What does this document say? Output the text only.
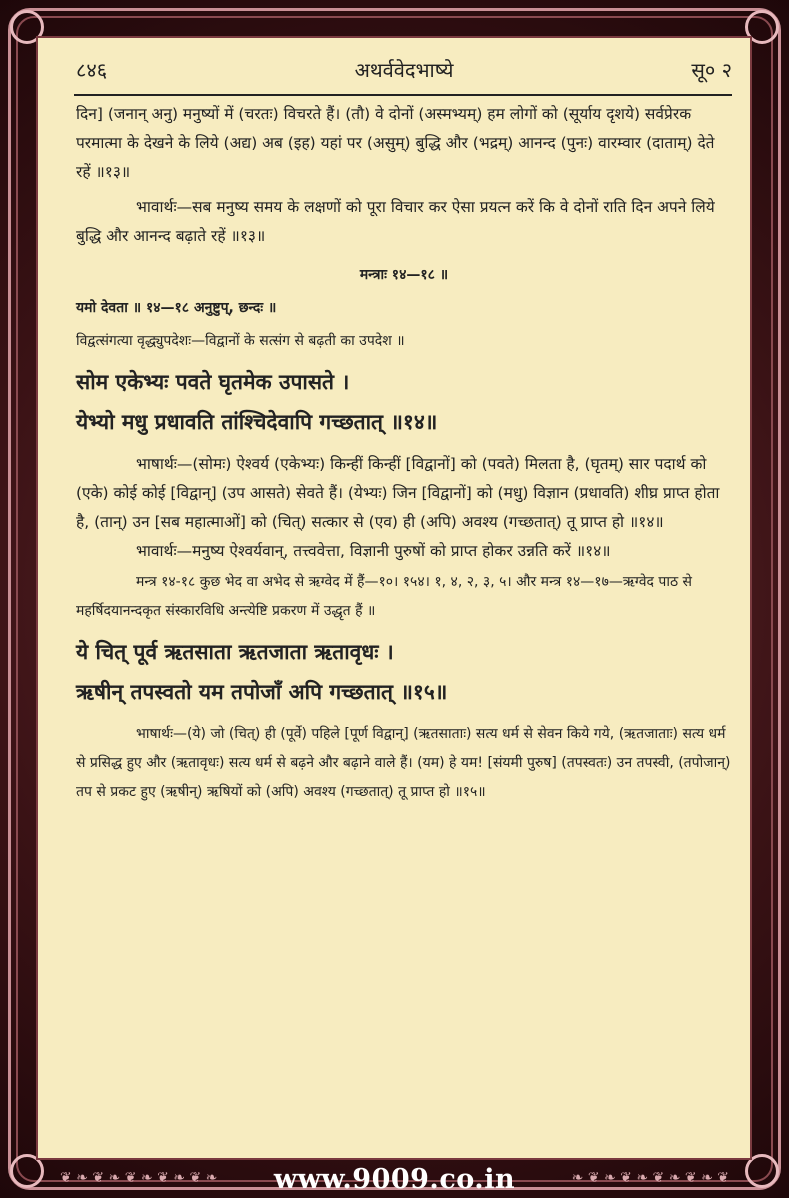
❦ ❧ ❦ ❧ ❦ ❧ ❦ ❧ ❦ ❧	❧ ❦ ❧ ❦ ❧ ❦ ❧ ❦ ❧ ❦
८४६	अथर्ववेदभाष्ये	सू० २

दिन] (जनान् अनु) मनुष्यों में (चरतः) विचरते हैं। (तौ) वे दोनों (अस्मभ्यम्) हम लोगों को (सूर्याय दृशये) सर्वप्रेरक परमात्मा के देखने के लिये (अद्य) अब (इह) यहां पर (असुम्) बुद्धि और (भद्रम्) आनन्द (पुनः) वारम्वार (दाताम्) देते रहें ॥१३॥

भावार्थः—सब मनुष्य समय के लक्षणों को पूरा विचार कर ऐसा प्रयत्न करें कि वे दोनों राति दिन अपने लिये बुद्धि और आनन्द बढ़ाते रहें ॥१३॥

मन्त्राः १४—१८ ॥

यमो देवता ॥ १४—१८ अनुष्टुप्, छन्दः ॥

विद्वत्संगत्या वृद्ध्युपदेशः—विद्वानों के सत्संग से बढ़ती का उपदेश ॥

सोम एकेभ्यः पवते घृतमेक उपासते ।

येभ्यो मधु प्रधावति तांश्चिदेवापि गच्छतात् ॥१४॥

भाषार्थः—(सोमः) ऐश्वर्य (एकेभ्यः) किन्हीं किन्हीं [विद्वानों] को (पवते) मिलता है, (घृतम्) सार पदार्थ को (एके) कोई कोई [विद्वान्] (उप आसते) सेवते हैं। (येभ्यः) जिन [विद्वानों] को (मधु) विज्ञान (प्रधावति) शीघ्र प्राप्त होता है, (तान्) उन [सब महात्माओं] को (चित्) सत्कार से (एव) ही (अपि) अवश्य (गच्छतात्) तू प्राप्त हो ॥१४॥

भावार्थः—मनुष्य ऐश्वर्यवान्, तत्त्ववेत्ता, विज्ञानी पुरुषों को प्राप्त होकर उन्नति करें ॥१४॥

मन्त्र १४-१८ कुछ भेद वा अभेद से ऋग्वेद में हैं—१०। १५४। १, ४, २, ३, ५। और मन्त्र १४—१७—ऋग्वेद पाठ से महर्षिदयानन्दकृत संस्कारविधि अन्त्येष्टि प्रकरण में उद्धृत हैं ॥

ये चित् पूर्व ऋतसाता ऋतजाता ऋतावृधः ।

ऋषीन् तपस्वतो यम तपोजाँ अपि गच्छतात् ॥१५॥

भाषार्थः—(ये) जो (चित्) ही (पूर्वे) पहिले [पूर्ण विद्वान्] (ऋतसाताः) सत्य धर्म से सेवन किये गये, (ऋतजाताः) सत्य धर्म से प्रसिद्ध हुए और (ऋतावृधः) सत्य धर्म से बढ़ने और बढ़ाने वाले हैं। (यम) हे यम! [संयमी पुरुष] (तपस्वतः) उन तपस्वी, (तपोजान्) तप से प्रकट हुए (ऋषीन्) ऋषियों को (अपि) अवश्य (गच्छतात्) तू प्राप्त हो ॥१५॥

www.9009.co.in
